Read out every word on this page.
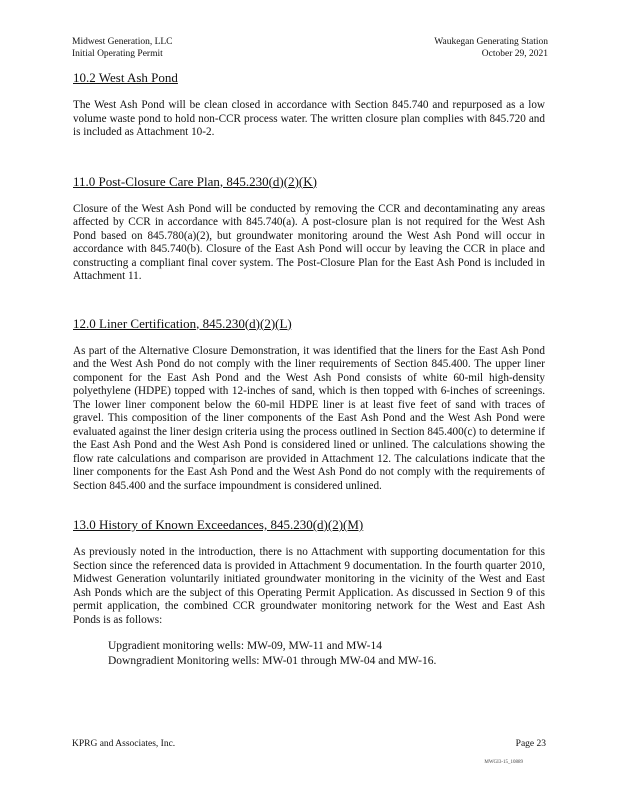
Midwest Generation, LLC
Initial Operating Permit
Waukegan Generating Station
October 29, 2021
10.2 West Ash Pond

The West Ash Pond will be clean closed in accordance with Section 845.740 and repurposed as a low volume waste pond to hold non-CCR process water. The written closure plan complies with 845.720 and is included as Attachment 10-2.

11.0 Post-Closure Care Plan, 845.230(d)(2)(K)

Closure of the West Ash Pond will be conducted by removing the CCR and decontaminating any areas affected by CCR in accordance with 845.740(a). A post-closure plan is not required for the West Ash Pond based on 845.780(a)(2), but groundwater monitoring around the West Ash Pond will occur in accordance with 845.740(b). Closure of the East Ash Pond will occur by leaving the CCR in place and constructing a compliant final cover system. The Post-Closure Plan for the East Ash Pond is included in Attachment 11.

12.0 Liner Certification, 845.230(d)(2)(L)

As part of the Alternative Closure Demonstration, it was identified that the liners for the East Ash Pond and the West Ash Pond do not comply with the liner requirements of Section 845.400. The upper liner component for the East Ash Pond and the West Ash Pond consists of white 60-mil high-density polyethylene (HDPE) topped with 12-inches of sand, which is then topped with 6-inches of screenings. The lower liner component below the 60-mil HDPE liner is at least five feet of sand with traces of gravel. This composition of the liner components of the East Ash Pond and the West Ash Pond were evaluated against the liner design criteria using the process outlined in Section 845.400(c) to determine if the East Ash Pond and the West Ash Pond is considered lined or unlined. The calculations showing the flow rate calculations and comparison are provided in Attachment 12. The calculations indicate that the liner components for the East Ash Pond and the West Ash Pond do not comply with the requirements of Section 845.400 and the surface impoundment is considered unlined.

13.0 History of Known Exceedances, 845.230(d)(2)(M)

As previously noted in the introduction, there is no Attachment with supporting documentation for this Section since the referenced data is provided in Attachment 9 documentation. In the fourth quarter 2010, Midwest Generation voluntarily initiated groundwater monitoring in the vicinity of the West and East Ash Ponds which are the subject of this Operating Permit Application. As discussed in Section 9 of this permit application, the combined CCR groundwater monitoring network for the West and East Ash Ponds is as follows:

Upgradient monitoring wells: MW-09, MW-11 and MW-14
Downgradient Monitoring wells: MW-01 through MW-04 and MW-16.
KPRG and Associates, Inc.	Page 23
MWGI3-15_10889
